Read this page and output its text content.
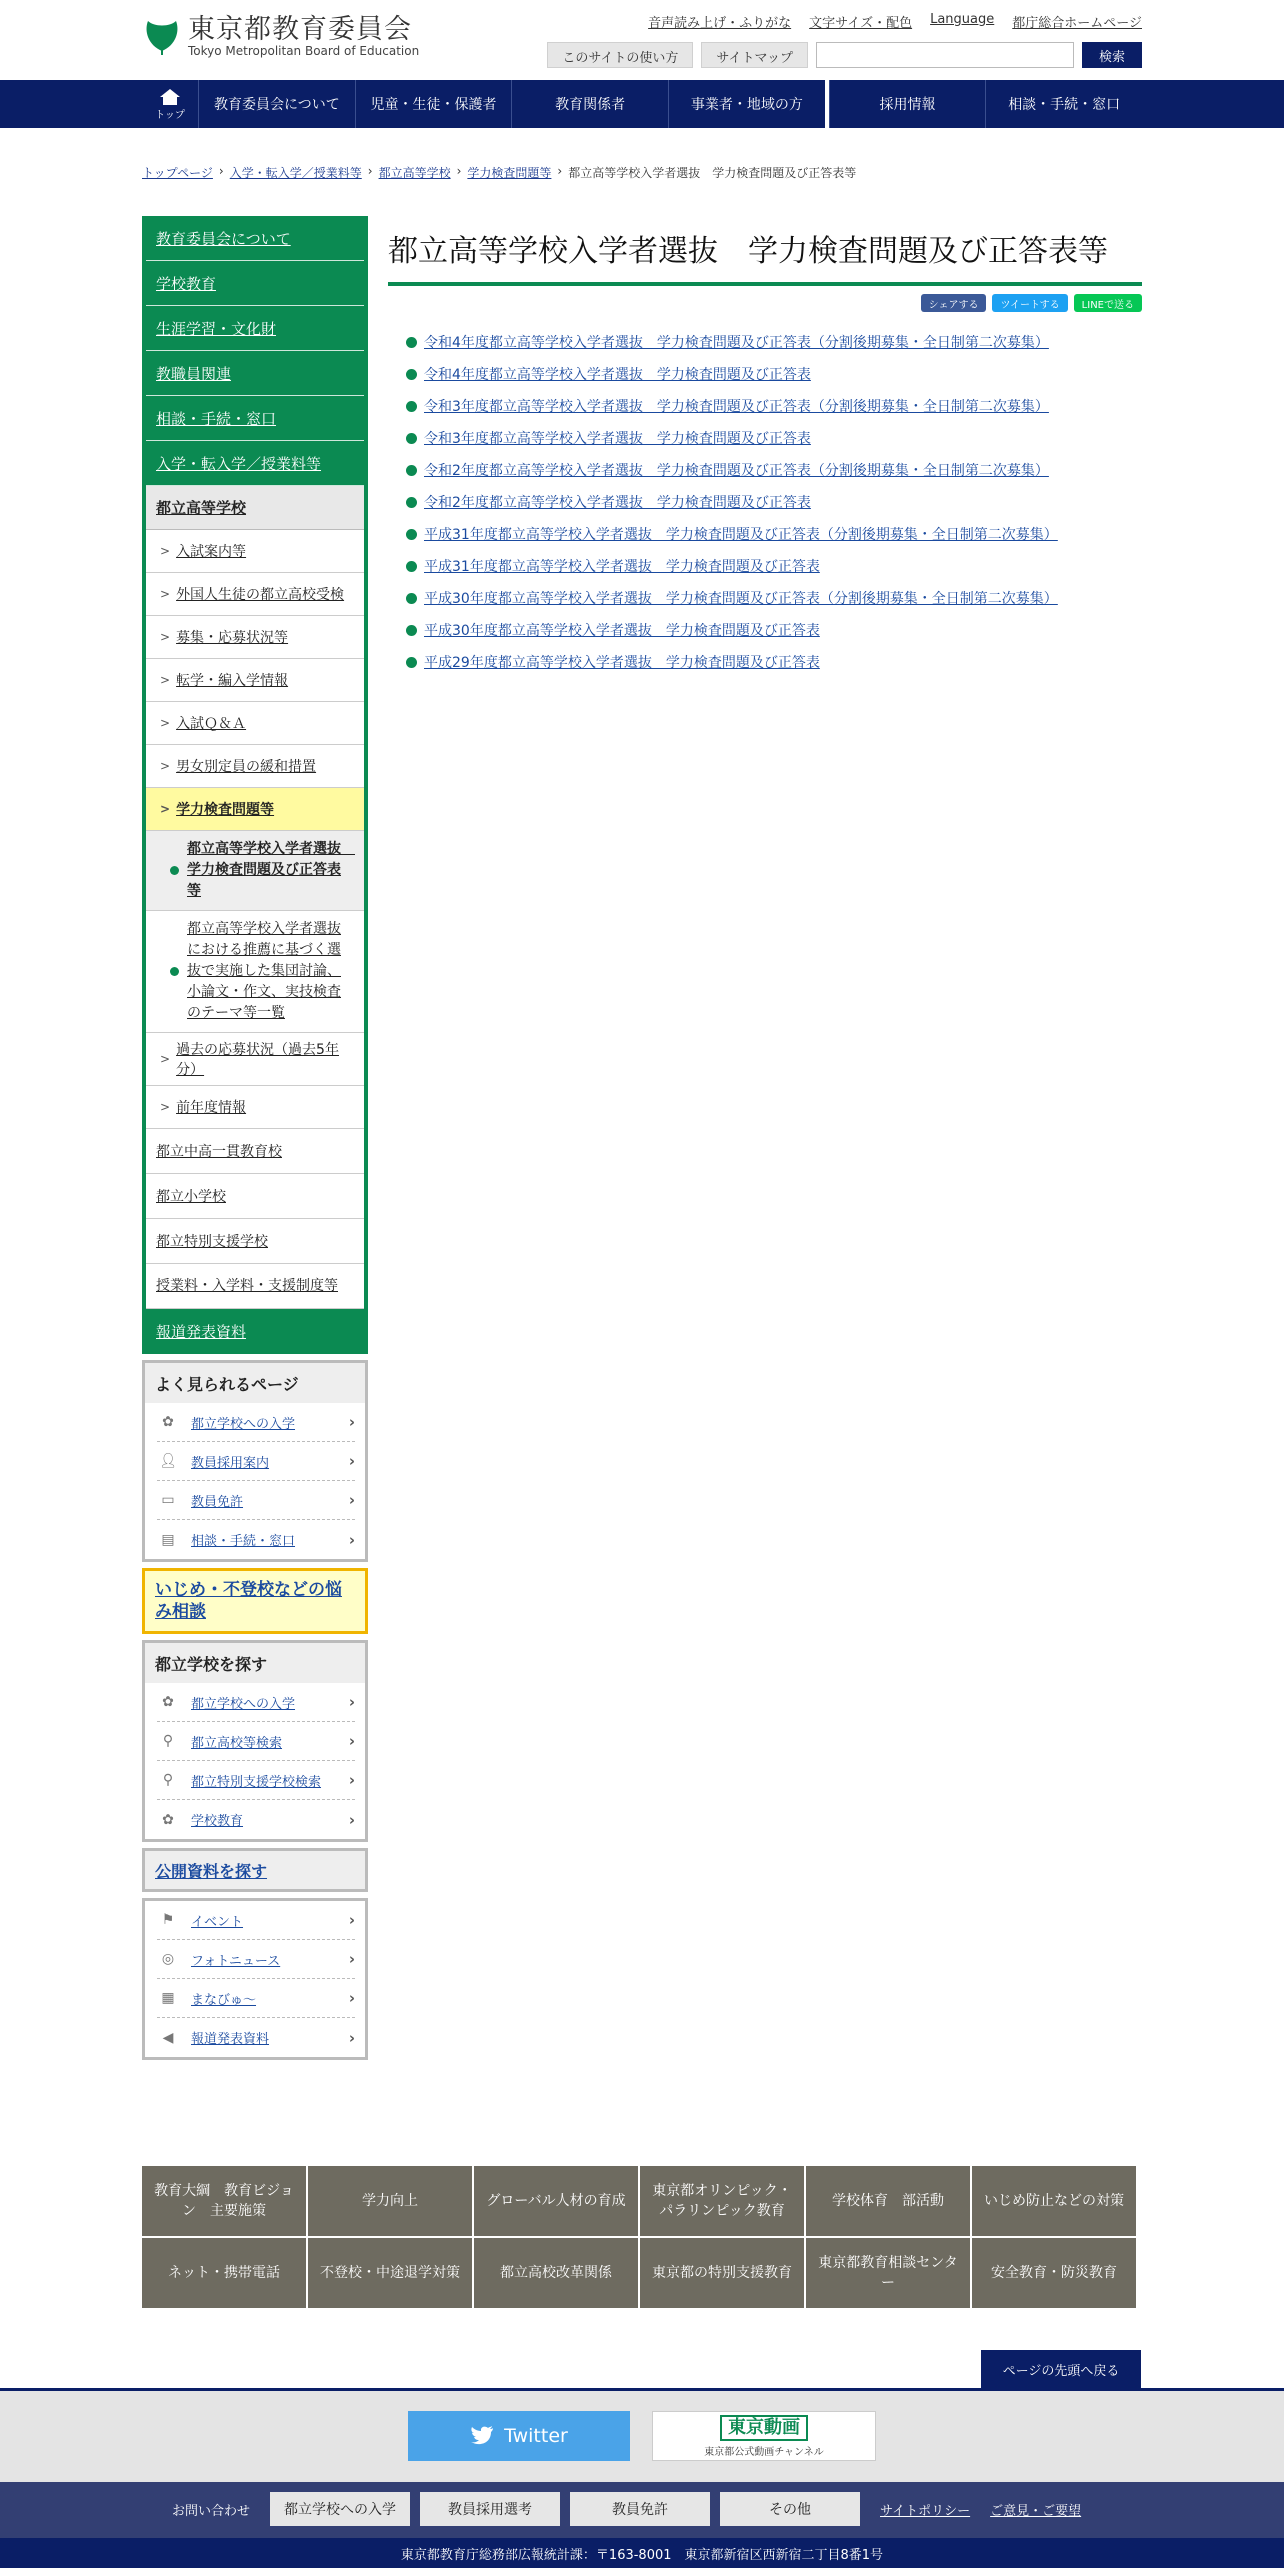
東京都教育委員会
Tokyo Metropolitan Board of Education
音声読み上げ・ふりがな 文字サイズ・配色 Language 都庁総合ホームページ
このサイトの使い方	サイトマップ	検索
トップ
教育委員会について	児童・生徒・保護者	教育関係者	事業者・地域の方	採用情報	相談・手続・窓口
トップページ › 入学・転入学／授業料等 › 都立高等学校 › 学力検査問題等 › 都立高等学校入学者選抜　学力検査問題及び正答表等
教育委員会について
学校教育
生涯学習・文化財
教職員関連
相談・手続・窓口
入学・転入学／授業料等
都立高等学校
> 入試案内等
> 外国人生徒の都立高校受検
> 募集・応募状況等
> 転学・編入学情報
> 入試Ｑ＆Ａ
> 男女別定員の緩和措置
> 学力検査問題等
都立高等学校入学者選抜　学力検査問題及び正答表等
都立高等学校入学者選抜における推薦に基づく選抜で実施した集団討論、小論文・作文、実技検査のテーマ等一覧
>
過去の応募状況（過去5年分）
> 前年度情報
都立中高一貫教育校
都立小学校
都立特別支援学校
授業料・入学料・支援制度等
報道発表資料
よく見られるページ
✿	都立学校への入学	›
👤︎ 教員採用案内	›
▭	教員免許	›
▤	相談・手続・窓口	›
いじめ・不登校などの悩み相談
都立学校を探す
✿	都立学校への入学	›
⚲	都立高校等検索	›
⚲	都立特別支援学校検索	›
✿	学校教育	›
公開資料を探す
⚑	イベント	›
◎	フォトニュース	›
▦	まなびゅ～	›
◀	報道発表資料	›
都立高等学校入学者選抜　学力検査問題及び正答表等
シェアする	ツイートする	LINEで送る
令和4年度都立高等学校入学者選抜　学力検査問題及び正答表（分割後期募集・全日制第二次募集）
令和4年度都立高等学校入学者選抜　学力検査問題及び正答表
令和3年度都立高等学校入学者選抜　学力検査問題及び正答表（分割後期募集・全日制第二次募集）
令和3年度都立高等学校入学者選抜　学力検査問題及び正答表
令和2年度都立高等学校入学者選抜　学力検査問題及び正答表（分割後期募集・全日制第二次募集）
令和2年度都立高等学校入学者選抜　学力検査問題及び正答表
平成31年度都立高等学校入学者選抜　学力検査問題及び正答表（分割後期募集・全日制第二次募集）
平成31年度都立高等学校入学者選抜　学力検査問題及び正答表
平成30年度都立高等学校入学者選抜　学力検査問題及び正答表（分割後期募集・全日制第二次募集）
平成30年度都立高等学校入学者選抜　学力検査問題及び正答表
平成29年度都立高等学校入学者選抜　学力検査問題及び正答表
教育大綱　教育ビジョン　主要施策
学力向上	グローバル人材の育成
東京都オリンピック・パラリンピック教育
学校体育　部活動	いじめ防止などの対策
ネット・携帯電話	不登校・中途退学対策	都立高校改革関係	東京都の特別支援教育
東京都教育相談センター
安全教育・防災教育
ページの先頭へ戻る
Twitter	東京動画
東京都公式動画チャンネル
お問い合わせ	都立学校への入学	教員採用選考	教員免許	その他	サイトポリシー ご意見・ご要望
東京都教育庁総務部広報統計課：〒163-8001　東京都新宿区西新宿二丁目8番1号
